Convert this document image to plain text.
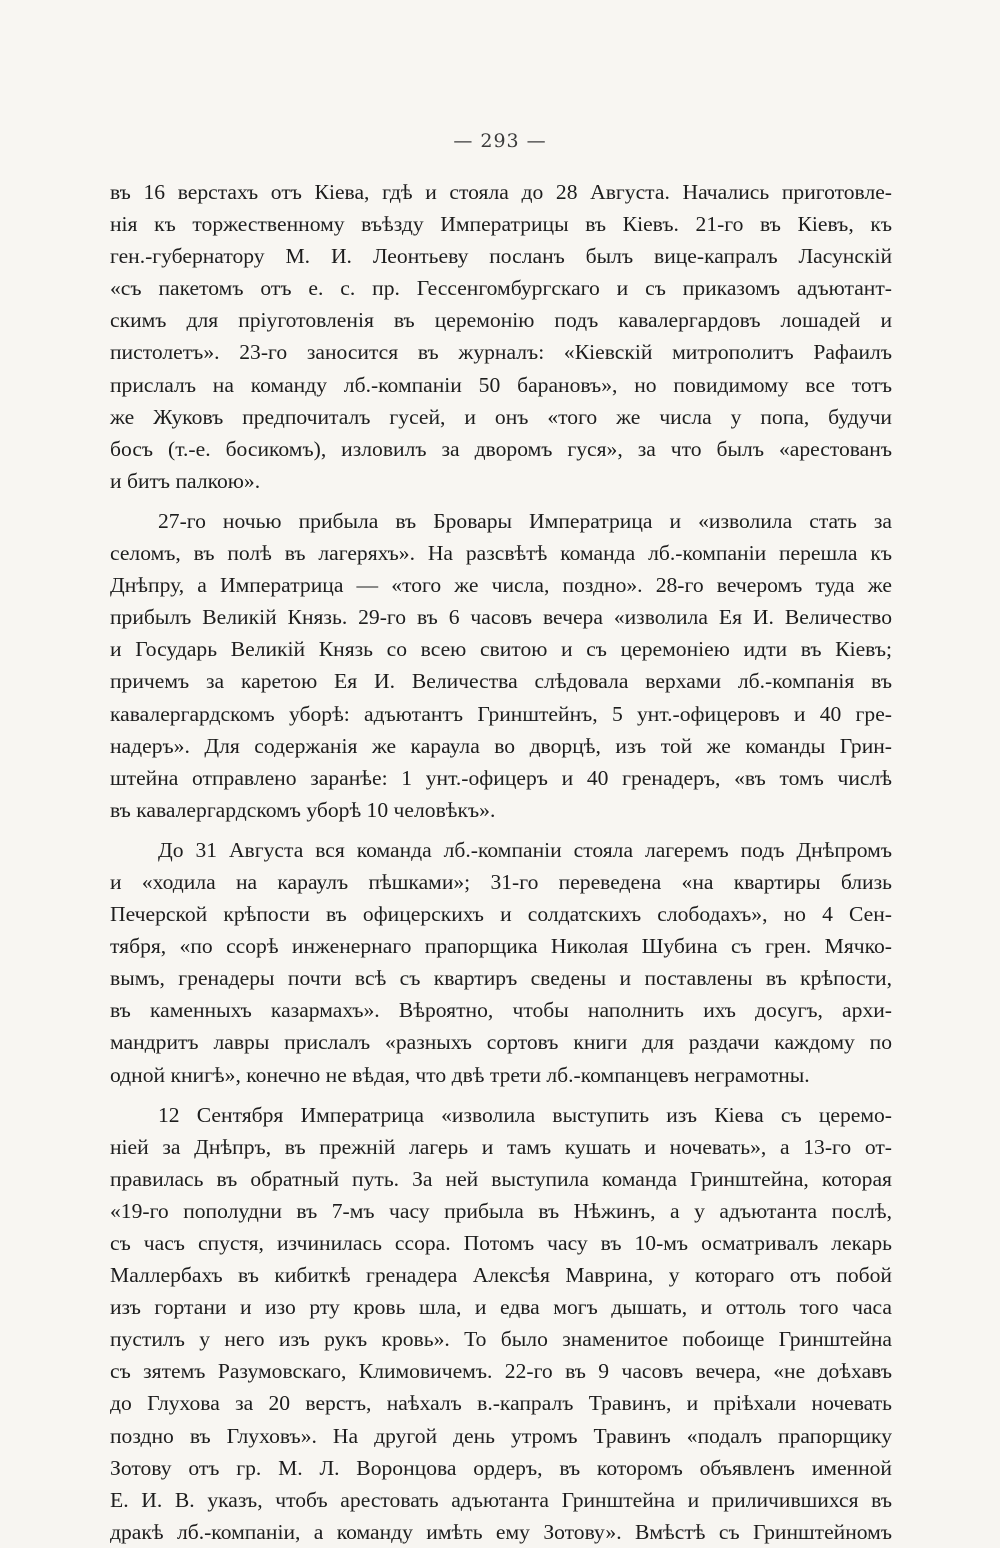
— 293 —
въ 16 верстахъ отъ Кіева, гдѣ и стояла до 28 Августа. Начались приготовле-
нія къ торжественному въѣзду Императрицы въ Кіевъ. 21-го въ Кіевъ, къ
ген.-губернатору М. И. Леонтьеву посланъ былъ вице-капралъ Ласунскій
«съ пакетомъ отъ е. с. пр. Гессенгомбургскаго и съ приказомъ адъютант-
скимъ для пріуготовленія въ церемонію подъ кавалергардовъ лошадей и
пистолетъ». 23-го заносится въ журналъ: «Кіевскій митрополитъ Рафаилъ
прислалъ на команду лб.-компаніи 50 барановъ», но повидимому все тотъ
же Жуковъ предпочиталъ гусей, и онъ «того же числа у попа, будучи
босъ (т.-е. босикомъ), изловилъ за дворомъ гуся», за что былъ «арестованъ
и битъ палкою».
27-го ночью прибыла въ Бровары Императрица и «изволила стать за
селомъ, въ полѣ въ лагеряхъ». На разсвѣтѣ команда лб.-компаніи перешла къ
Днѣпру, а Императрица — «того же числа, поздно». 28-го вечеромъ туда же
прибылъ Великій Князь. 29-го въ 6 часовъ вечера «изволила Ея И. Величество
и Государь Великій Князь со всею свитою и съ церемоніею идти въ Кіевъ;
причемъ за каретою Ея И. Величества слѣдовала верхами лб.-компанія въ
кавалергардскомъ уборѣ: адъютантъ Гринштейнъ, 5 унт.-офицеровъ и 40 гре-
надеръ». Для содержанія же караула во дворцѣ, изъ той же команды Грин-
штейна отправлено заранѣе: 1 унт.-офицеръ и 40 гренадеръ, «въ томъ числѣ
въ кавалергардскомъ уборѣ 10 человѣкъ».
До 31 Августа вся команда лб.-компаніи стояла лагеремъ подъ Днѣпромъ
и «ходила на караулъ пѣшками»; 31-го переведена «на квартиры близь
Печерской крѣпости въ офицерскихъ и солдатскихъ слободахъ», но 4 Сен-
тября, «по ссорѣ инженернаго прапорщика Николая Шубина съ грен. Мячко-
вымъ, гренадеры почти всѣ съ квартиръ сведены и поставлены въ крѣпости,
въ каменныхъ казармахъ». Вѣроятно, чтобы наполнить ихъ досугъ, архи-
мандритъ лавры прислалъ «разныхъ сортовъ книги для раздачи каждому по
одной книгѣ», конечно не вѣдая, что двѣ трети лб.-компанцевъ неграмотны.
12 Сентября Императрица «изволила выступить изъ Кіева съ церемо-
ніей за Днѣпръ, въ прежній лагерь и тамъ кушать и ночевать», а 13-го от-
правилась въ обратный путь. За ней выступила команда Гринштейна, которая
«19-го пополудни въ 7-мъ часу прибыла въ Нѣжинъ, а у адъютанта послѣ,
съ часъ спустя, изчинилась ссора. Потомъ часу въ 10-мъ осматривалъ лекарь
Маллербахъ въ кибиткѣ гренадера Алексѣя Маврина, у котораго отъ побой
изъ гортани и изо рту кровь шла, и едва могъ дышать, и оттоль того часа
пустилъ у него изъ рукъ кровь». То было знаменитое побоище Гринштейна
съ зятемъ Разумовскаго, Климовичемъ. 22-го въ 9 часовъ вечера, «не доѣхавъ
до Глухова за 20 верстъ, наѣхалъ в.-капралъ Травинъ, и пріѣхали ночевать
поздно въ Глуховъ». На другой день утромъ Травинъ «подалъ прапорщику
Зотову отъ гр. М. Л. Воронцова ордеръ, въ которомъ объявленъ именной
Е. И. В. указъ, чтобъ арестовать адъютанта Гринштейна и приличившихся въ
дракѣ лб.-компаніи, а команду имѣть ему Зотову». Вмѣстѣ съ Гринштейномъ
